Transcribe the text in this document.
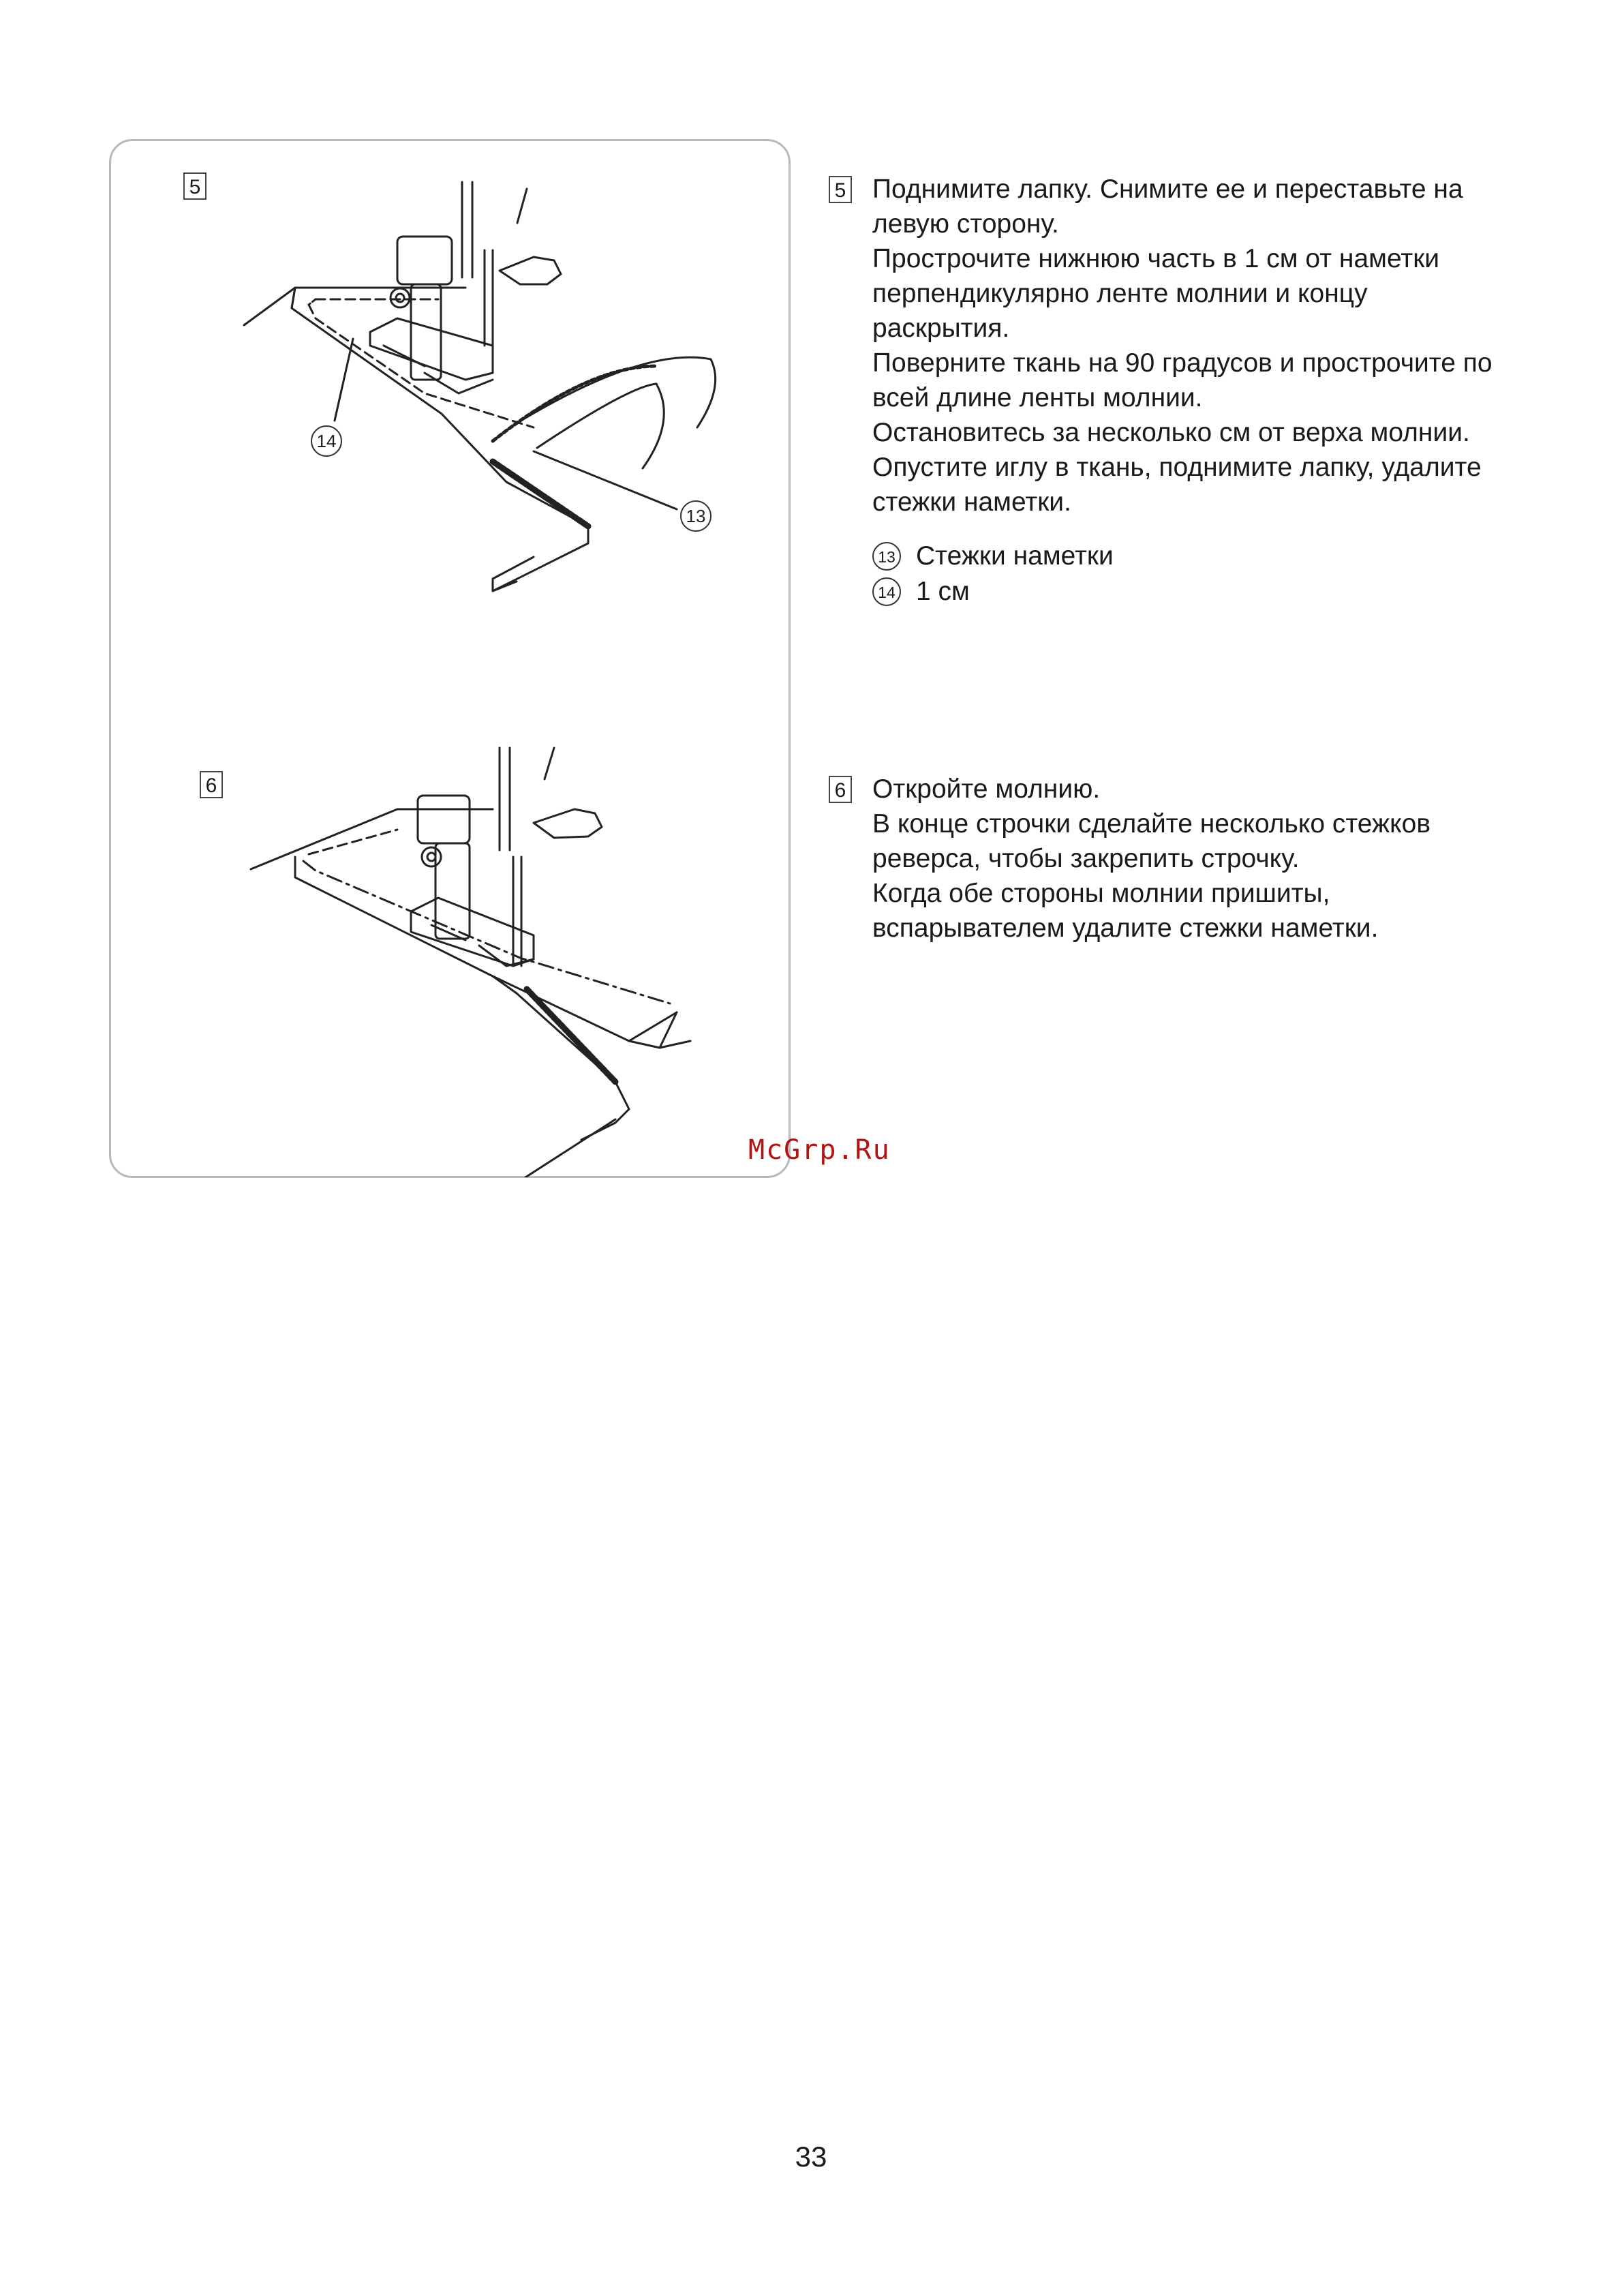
5
6
14
13
5 Поднимите лапку. Снимите ее и переставьте на

левую сторону.

Прострочите нижнюю часть в 1 см от наметки

перпендикулярно ленте молнии и концу

раскрытия.

Поверните ткань на 90 градусов и прострочите по

всей длине ленты молнии.

Остановитесь за несколько см от верха молнии.

Опустите иглу в ткань, поднимите лапку, удалите

стежки наметки.

13 Стежки наметки
14 1 см
6 Откройте молнию.

В конце строчки сделайте несколько стежков

реверса, чтобы закрепить строчку.

Когда обе стороны молнии пришиты,

вспарывателем удалите стежки наметки.

McGrp.Ru
33
